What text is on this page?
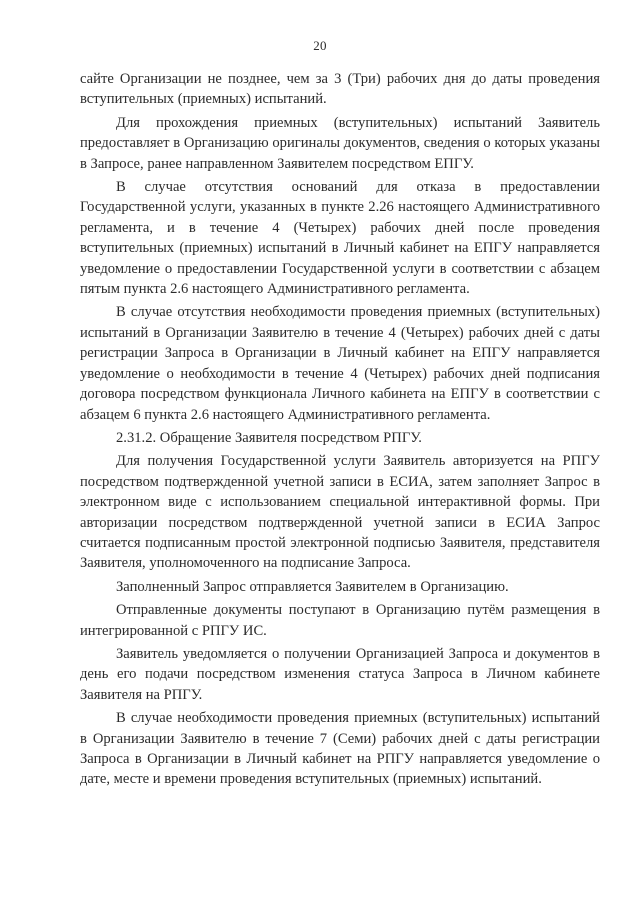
20

сайте Организации не позднее, чем за 3 (Три) рабочих дня до даты проведения вступительных (приемных) испытаний.

Для прохождения приемных (вступительных) испытаний Заявитель предоставляет в Организацию оригиналы документов, сведения о которых указаны в Запросе, ранее направленном Заявителем посредством ЕПГУ.

В случае отсутствия оснований для отказа в предоставлении Государственной услуги, указанных в пункте 2.26 настоящего Административного регламента, и в течение 4 (Четырех) рабочих дней после проведения вступительных (приемных) испытаний в Личный кабинет на ЕПГУ направляется уведомление о предоставлении Государственной услуги в соответствии с абзацем пятым пункта 2.6 настоящего Административного регламента.

В случае отсутствия необходимости проведения приемных (вступительных) испытаний в Организации Заявителю в течение 4 (Четырех) рабочих дней с даты регистрации Запроса в Организации в Личный кабинет на ЕПГУ направляется уведомление о необходимости в течение 4 (Четырех) рабочих дней подписания договора посредством функционала Личного кабинета на ЕПГУ в соответствии с абзацем 6 пункта 2.6 настоящего Административного регламента.

2.31.2. Обращение Заявителя посредством РПГУ.

Для получения Государственной услуги Заявитель авторизуется на РПГУ посредством подтвержденной учетной записи в ЕСИА, затем заполняет Запрос в электронном виде с использованием специальной интерактивной формы. При авторизации посредством подтвержденной учетной записи в ЕСИА Запрос считается подписанным простой электронной подписью Заявителя, представителя Заявителя, уполномоченного на подписание Запроса.

Заполненный Запрос отправляется Заявителем в Организацию.

Отправленные документы поступают в Организацию путём размещения в интегрированной с РПГУ ИС.

Заявитель уведомляется о получении Организацией Запроса и документов в день его подачи посредством изменения статуса Запроса в Личном кабинете Заявителя на РПГУ.

В случае необходимости проведения приемных (вступительных) испытаний в Организации Заявителю в течение 7 (Семи) рабочих дней с даты регистрации Запроса в Организации в Личный кабинет на РПГУ направляется уведомление о дате, месте и времени проведения вступительных (приемных) испытаний.
